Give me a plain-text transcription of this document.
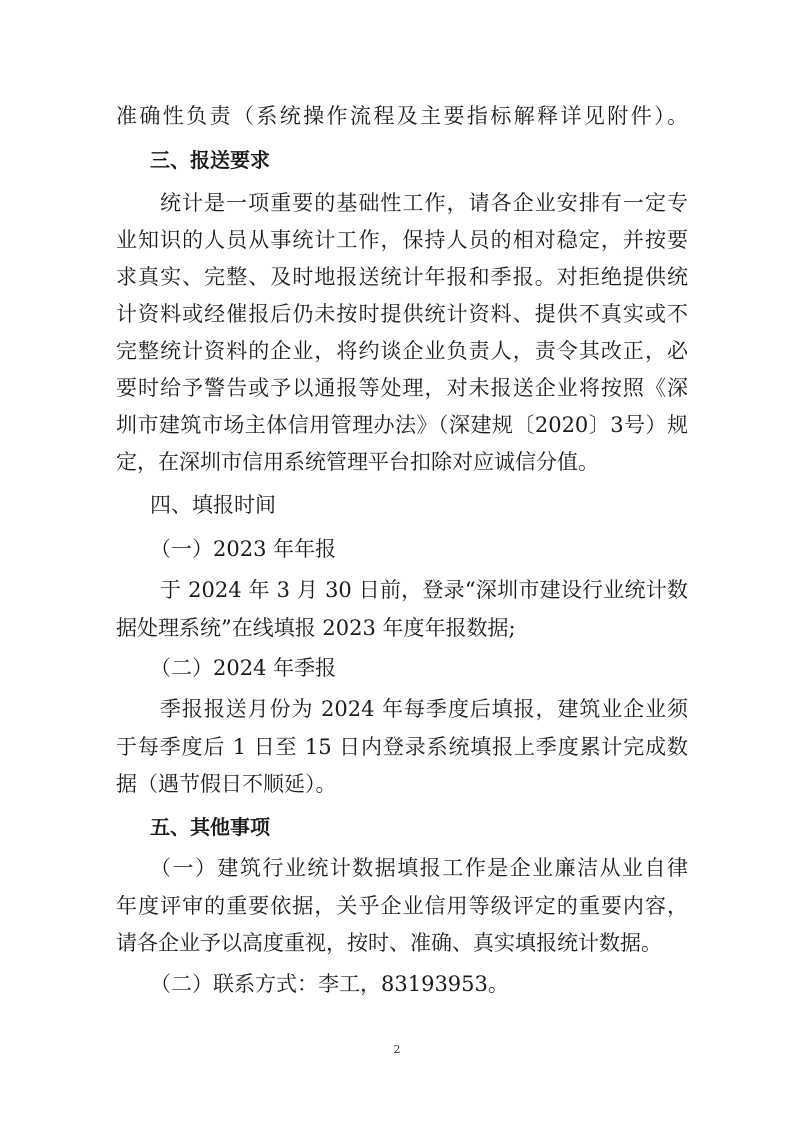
准确性负责（系统操作流程及主要指标解释详见附件）。
三、报送要求
统计是一项重要的基础性工作，请各企业安排有一定专
业知识的人员从事统计工作，保持人员的相对稳定，并按要
求真实、完整、及时地报送统计年报和季报。对拒绝提供统
计资料或经催报后仍未按时提供统计资料、提供不真实或不
完整统计资料的企业，将约谈企业负责人，责令其改正，必
要时给予警告或予以通报等处理，对未报送企业将按照《深
圳市建筑市场主体信用管理办法》（深建规〔2020〕3号）规
定，在深圳市信用系统管理平台扣除对应诚信分值。
四、填报时间
（一）2023 年年报
于 2024 年 3 月 30 日前，登录“深圳市建设行业统计数
据处理系统”在线填报 2023 年度年报数据;
（二）2024 年季报
季报报送月份为 2024 年每季度后填报，建筑业企业须
于每季度后 1 日至 15 日内登录系统填报上季度累计完成数
据（遇节假日不顺延）。
五、其他事项
（一）建筑行业统计数据填报工作是企业廉洁从业自律
年度评审的重要依据，关乎企业信用等级评定的重要内容，
请各企业予以高度重视，按时、准确、真实填报统计数据。
（二）联系方式：李工，83193953。
2
